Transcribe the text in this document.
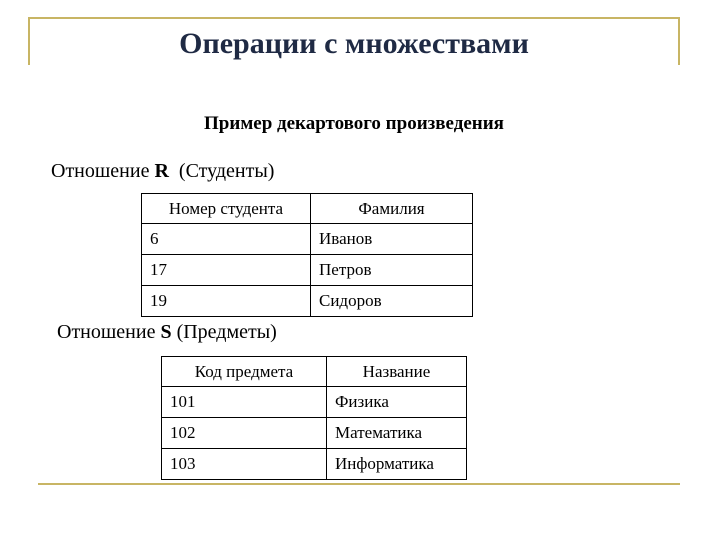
Операции с множествами
Пример декартового произведения
Отношение R  (Студенты)
Номер студента	Фамилия
6	Иванов
17	Петров
19	Сидоров
Отношение S (Предметы)
Код предмета	Название
101	Физика
102	Математика
103	Информатика
